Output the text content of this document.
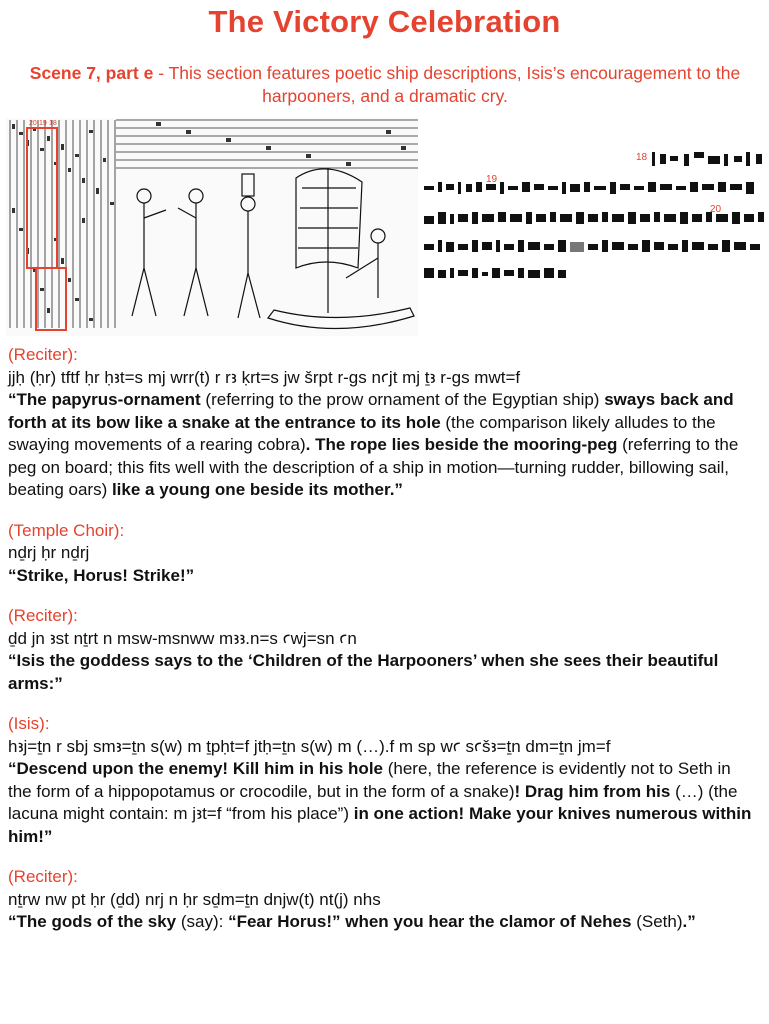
The Victory Celebration
Scene 7, part e - This section features poetic ship descriptions, Isis’s encouragement to the harpooners, and a dramatic cry.
20 19 18
18
19
20
(Reciter):
jjḥ (ḥr) tftf ḥr ḥꜣt=s mj wrr(t) r rꜣ ḳrt=s jw šrpt r-gs nꜥjt mj ṯꜣ r-gs mwt=f
“The papyrus-ornament (referring to the prow ornament of the Egyptian ship) sways back and forth at its bow like a snake at the entrance to its hole (the comparison likely alludes to the swaying movements of a rearing cobra). The rope lies beside the mooring-peg (referring to the peg on board; this fits well with the description of a ship in motion—turning rudder, billowing sail, beating oars) like a young one beside its mother.”
(Temple Choir):
nḏrj ḥr nḏrj
“Strike, Horus! Strike!”
(Reciter):
ḏd jn ꜣst nṯrt n msw-msnww mꜣꜣ.n=s ꜥwj=sn ꜥn
“Isis the goddess says to the ‘Children of the Harpooners’ when she sees their beautiful arms:”
(Isis):
hꜣj=ṯn r sbj smꜣ=ṯn s(w) m ṯpḥt=f jtḥ=ṯn s(w) m (…).f m sp wꜥ sꜥšꜣ=ṯn dm=ṯn jm=f
“Descend upon the enemy! Kill him in his hole (here, the reference is evidently not to Seth in the form of a hippopotamus or crocodile, but in the form of a snake)! Drag him from his (…) (the lacuna might contain: m jꜣt=f “from his place”) in one action! Make your knives numerous within him!”
(Reciter):
nṯrw nw pt ḥr (ḏd) nrj n ḥr sḏm=ṯn dnjw(t) nt(j) nhs
“The gods of the sky (say): “Fear Horus!” when you hear the clamor of Nehes (Seth).”
